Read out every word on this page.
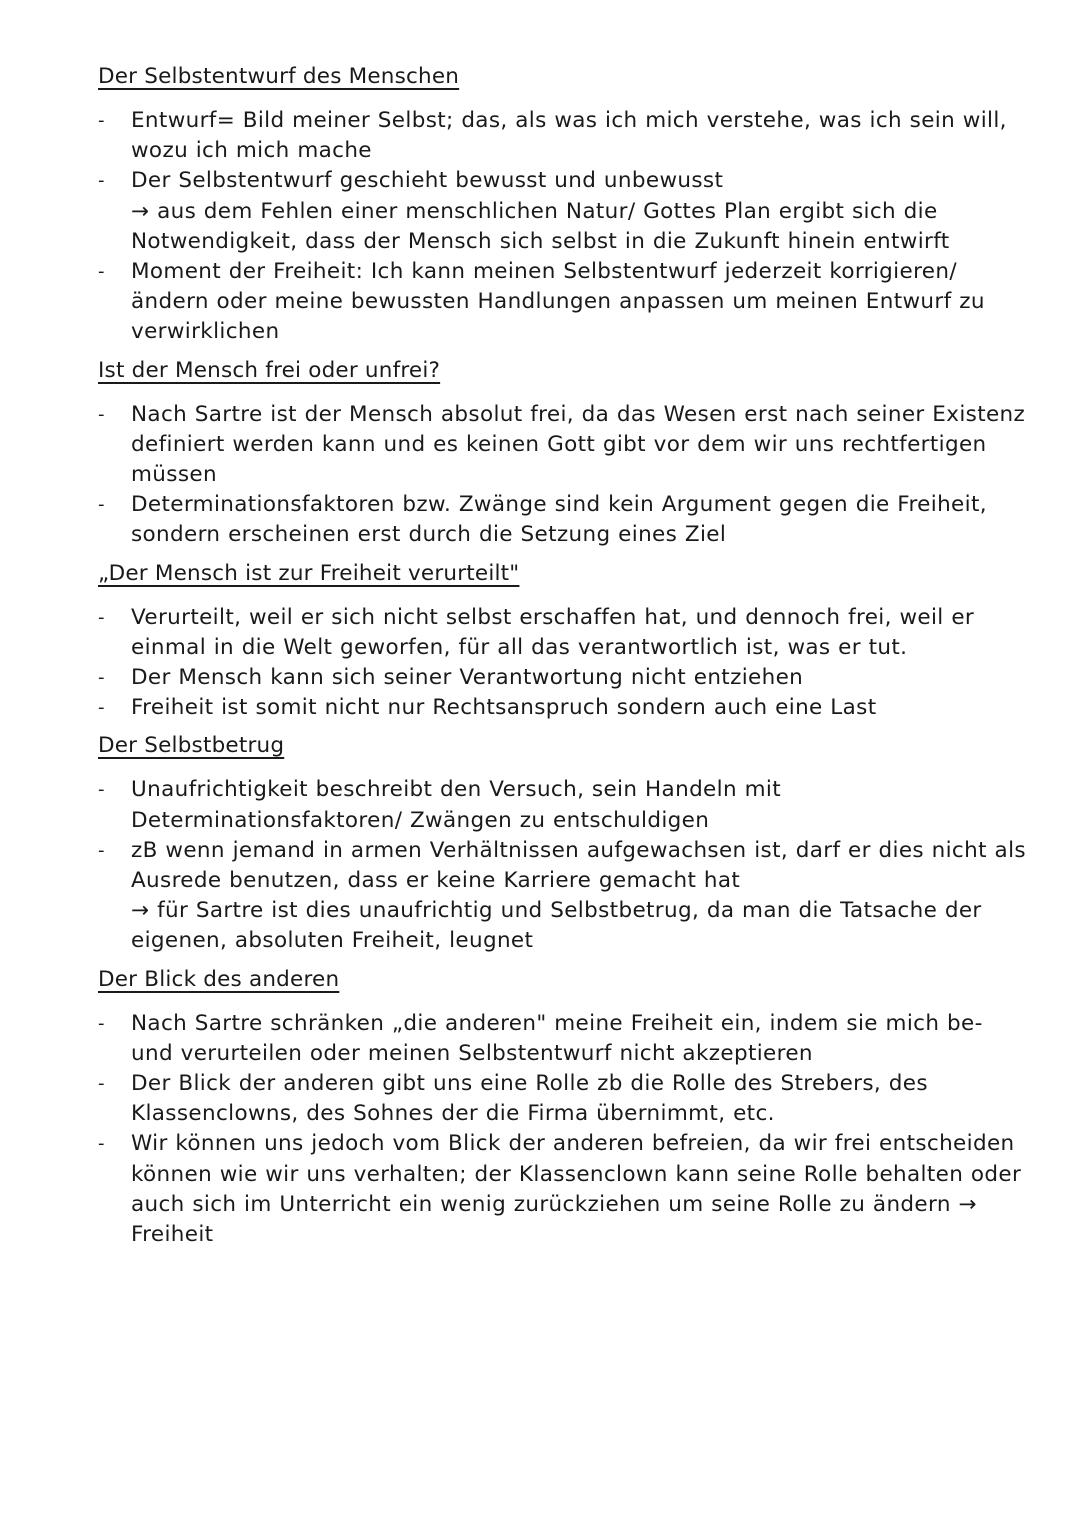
Der Selbstentwurf des Menschen
- Entwurf= Bild meiner Selbst; das, als was ich mich verstehe, was ich sein will, wozu ich mich mache
- Der Selbstentwurf geschieht bewusst und unbewusst
→ aus dem Fehlen einer menschlichen Natur/ Gottes Plan ergibt sich die Notwendigkeit, dass der Mensch sich selbst in die Zukunft hinein entwirft
- Moment der Freiheit: Ich kann meinen Selbstentwurf jederzeit korrigieren/ ändern oder meine bewussten Handlungen anpassen um meinen Entwurf zu verwirklichen
Ist der Mensch frei oder unfrei?
- Nach Sartre ist der Mensch absolut frei, da das Wesen erst nach seiner Existenz definiert werden kann und es keinen Gott gibt vor dem wir uns rechtfertigen müssen
- Determinationsfaktoren bzw. Zwänge sind kein Argument gegen die Freiheit, sondern erscheinen erst durch die Setzung eines Ziel
„Der Mensch ist zur Freiheit verurteilt"
- Verurteilt, weil er sich nicht selbst erschaffen hat, und dennoch frei, weil er einmal in die Welt geworfen, für all das verantwortlich ist, was er tut.
- Der Mensch kann sich seiner Verantwortung nicht entziehen
- Freiheit ist somit nicht nur Rechtsanspruch sondern auch eine Last
Der Selbstbetrug
- Unaufrichtigkeit beschreibt den Versuch, sein Handeln mit Determinationsfaktoren/ Zwängen zu entschuldigen
- zB wenn jemand in armen Verhältnissen aufgewachsen ist, darf er dies nicht als Ausrede benutzen, dass er keine Karriere gemacht hat
→ für Sartre ist dies unaufrichtig und Selbstbetrug, da man die Tatsache der eigenen, absoluten Freiheit, leugnet
Der Blick des anderen
- Nach Sartre schränken „die anderen" meine Freiheit ein, indem sie mich be- und verurteilen oder meinen Selbstentwurf nicht akzeptieren
- Der Blick der anderen gibt uns eine Rolle zb die Rolle des Strebers, des Klassenclowns, des Sohnes der die Firma übernimmt, etc.
- Wir können uns jedoch vom Blick der anderen befreien, da wir frei entscheiden können wie wir uns verhalten; der Klassenclown kann seine Rolle behalten oder auch sich im Unterricht ein wenig zurückziehen um seine Rolle zu ändern → Freiheit
